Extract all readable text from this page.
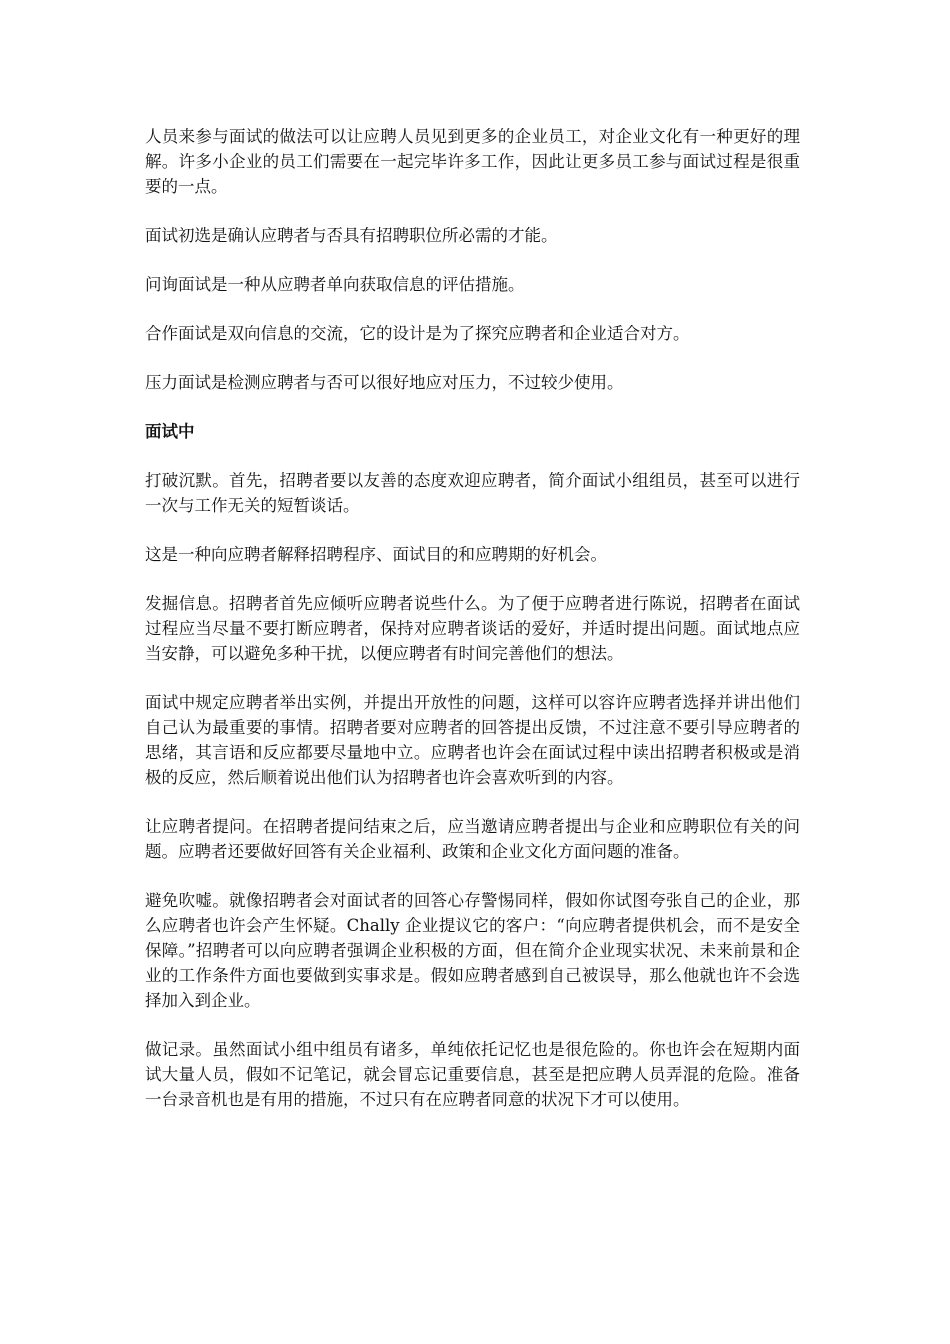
人员来参与面试的做法可以让应聘人员见到更多的企业员工，对企业文化有一种更好的理解。许多小企业的员工们需要在一起完毕许多工作，因此让更多员工参与面试过程是很重要的一点。

面试初选是确认应聘者与否具有招聘职位所必需的才能。

问询面试是一种从应聘者单向获取信息的评估措施。

合作面试是双向信息的交流，它的设计是为了探究应聘者和企业适合对方。

压力面试是检测应聘者与否可以很好地应对压力，不过较少使用。

面试中

打破沉默。首先，招聘者要以友善的态度欢迎应聘者，简介面试小组组员，甚至可以进行一次与工作无关的短暂谈话。

这是一种向应聘者解释招聘程序、面试目的和应聘期的好机会。

发掘信息。招聘者首先应倾听应聘者说些什么。为了便于应聘者进行陈说，招聘者在面试过程应当尽量不要打断应聘者，保持对应聘者谈话的爱好，并适时提出问题。面试地点应当安静，可以避免多种干扰，以便应聘者有时间完善他们的想法。

面试中规定应聘者举出实例，并提出开放性的问题，这样可以容许应聘者选择并讲出他们自己认为最重要的事情。招聘者要对应聘者的回答提出反馈，不过注意不要引导应聘者的思绪，其言语和反应都要尽量地中立。应聘者也许会在面试过程中读出招聘者积极或是消极的反应，然后顺着说出他们认为招聘者也许会喜欢听到的内容。

让应聘者提问。在招聘者提问结束之后，应当邀请应聘者提出与企业和应聘职位有关的问题。应聘者还要做好回答有关企业福利、政策和企业文化方面问题的准备。

避免吹嘘。就像招聘者会对面试者的回答心存警惕同样，假如你试图夸张自己的企业，那么应聘者也许会产生怀疑。Chally 企业提议它的客户：“向应聘者提供机会，而不是安全保障。”招聘者可以向应聘者强调企业积极的方面，但在简介企业现实状况、未来前景和企业的工作条件方面也要做到实事求是。假如应聘者感到自己被误导，那么他就也许不会选择加入到企业。

做记录。虽然面试小组中组员有诸多，单纯依托记忆也是很危险的。你也许会在短期内面试大量人员，假如不记笔记，就会冒忘记重要信息，甚至是把应聘人员弄混的危险。准备一台录音机也是有用的措施，不过只有在应聘者同意的状况下才可以使用。
